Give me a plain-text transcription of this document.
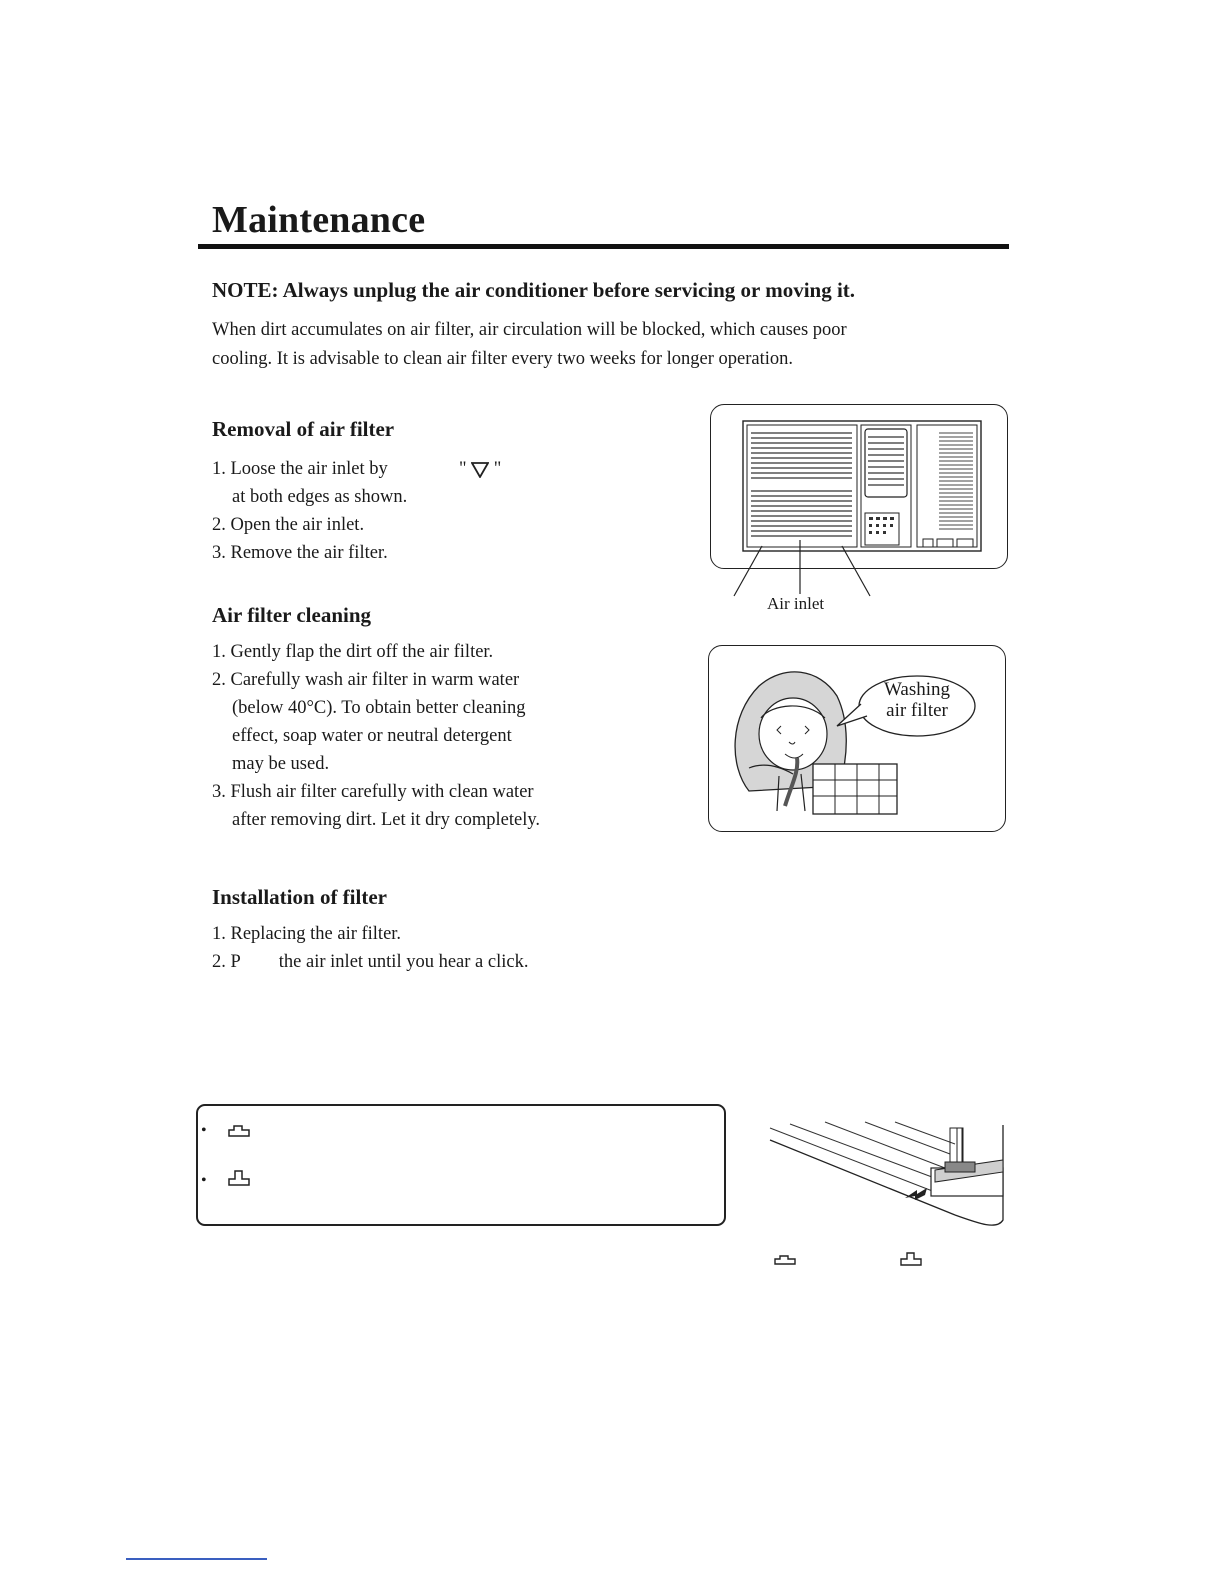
Maintenance
NOTE: Always unplug the air conditioner before servicing or moving it.
When dirt accumulates on air filter, air circulation will be blocked, which causes poor
cooling. It is advisable to clean air filter every two weeks for longer operation.
Removal of air filter
1. Loose the air inlet by	" "
at both edges as shown.
2. Open the air inlet.
3. Remove the air filter.
Air inlet
Air filter cleaning
1. Gently flap the dirt off the air filter.
2. Carefully wash air filter in warm water
(below 40°C). To obtain better cleaning
effect, soap water or neutral detergent
may be used.
3. Flush air filter carefully with clean water
after removing dirt. Let it dry completely.
Washing
air filter
Installation of filter
1. Replacing the air filter.
2. P the air inlet until you hear a click.
•
•
